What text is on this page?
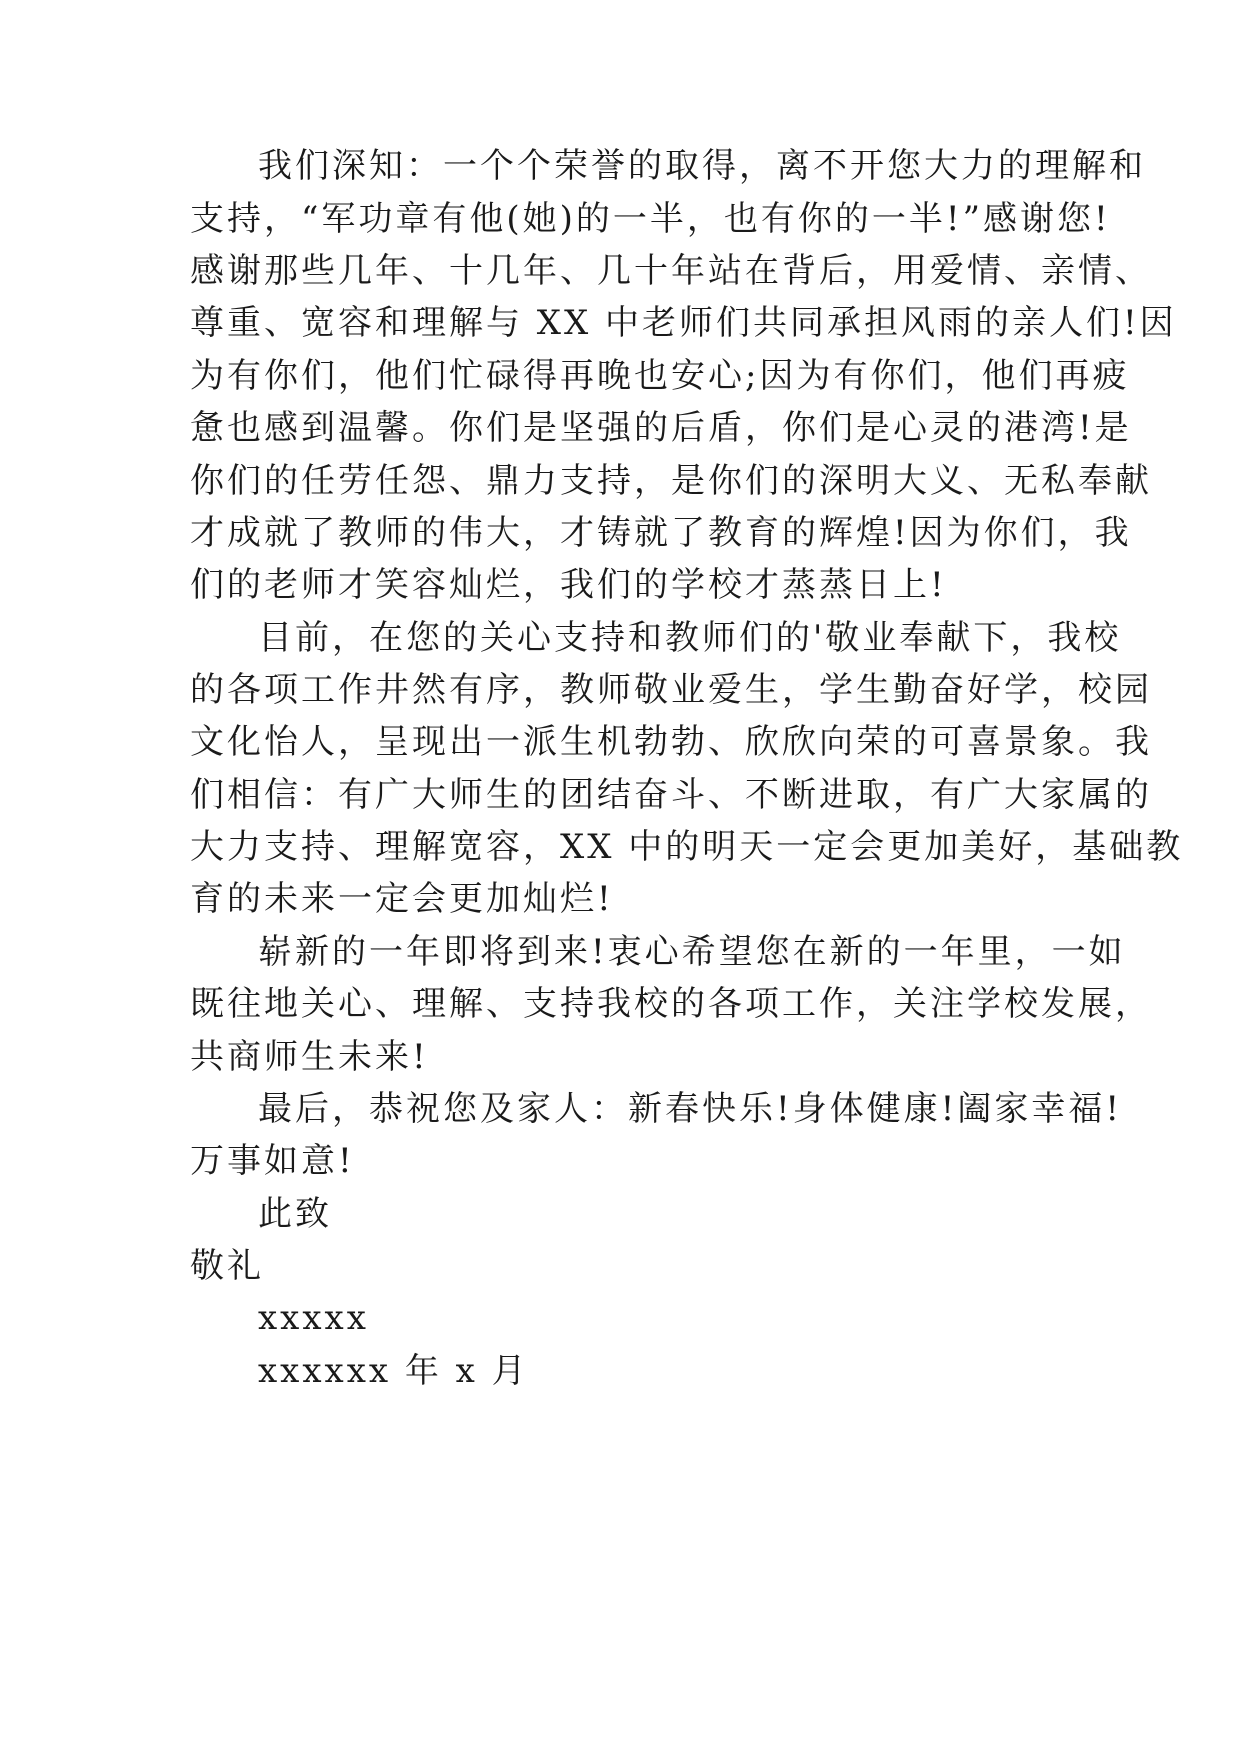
我们深知：一个个荣誉的取得，离不开您大力的理解和
支持，“军功章有他(她)的一半，也有你的一半!”感谢您!
感谢那些几年、十几年、几十年站在背后，用爱情、亲情、
尊重、宽容和理解与 XX 中老师们共同承担风雨的亲人们!因
为有你们，他们忙碌得再晚也安心;因为有你们，他们再疲
惫也感到温馨。你们是坚强的后盾，你们是心灵的港湾!是
你们的任劳任怨、鼎力支持，是你们的深明大义、无私奉献
才成就了教师的伟大，才铸就了教育的辉煌!因为你们，我
们的老师才笑容灿烂，我们的学校才蒸蒸日上!
目前，在您的关心支持和教师们的'敬业奉献下，我校
的各项工作井然有序，教师敬业爱生，学生勤奋好学，校园
文化怡人，呈现出一派生机勃勃、欣欣向荣的可喜景象。我
们相信：有广大师生的团结奋斗、不断进取，有广大家属的
大力支持、理解宽容，XX 中的明天一定会更加美好，基础教
育的未来一定会更加灿烂!
崭新的一年即将到来!衷心希望您在新的一年里，一如
既往地关心、理解、支持我校的各项工作，关注学校发展，
共商师生未来!
最后，恭祝您及家人：新春快乐!身体健康!阖家幸福!
万事如意!
此致
敬礼
xxxxx
xxxxxx 年 x 月
